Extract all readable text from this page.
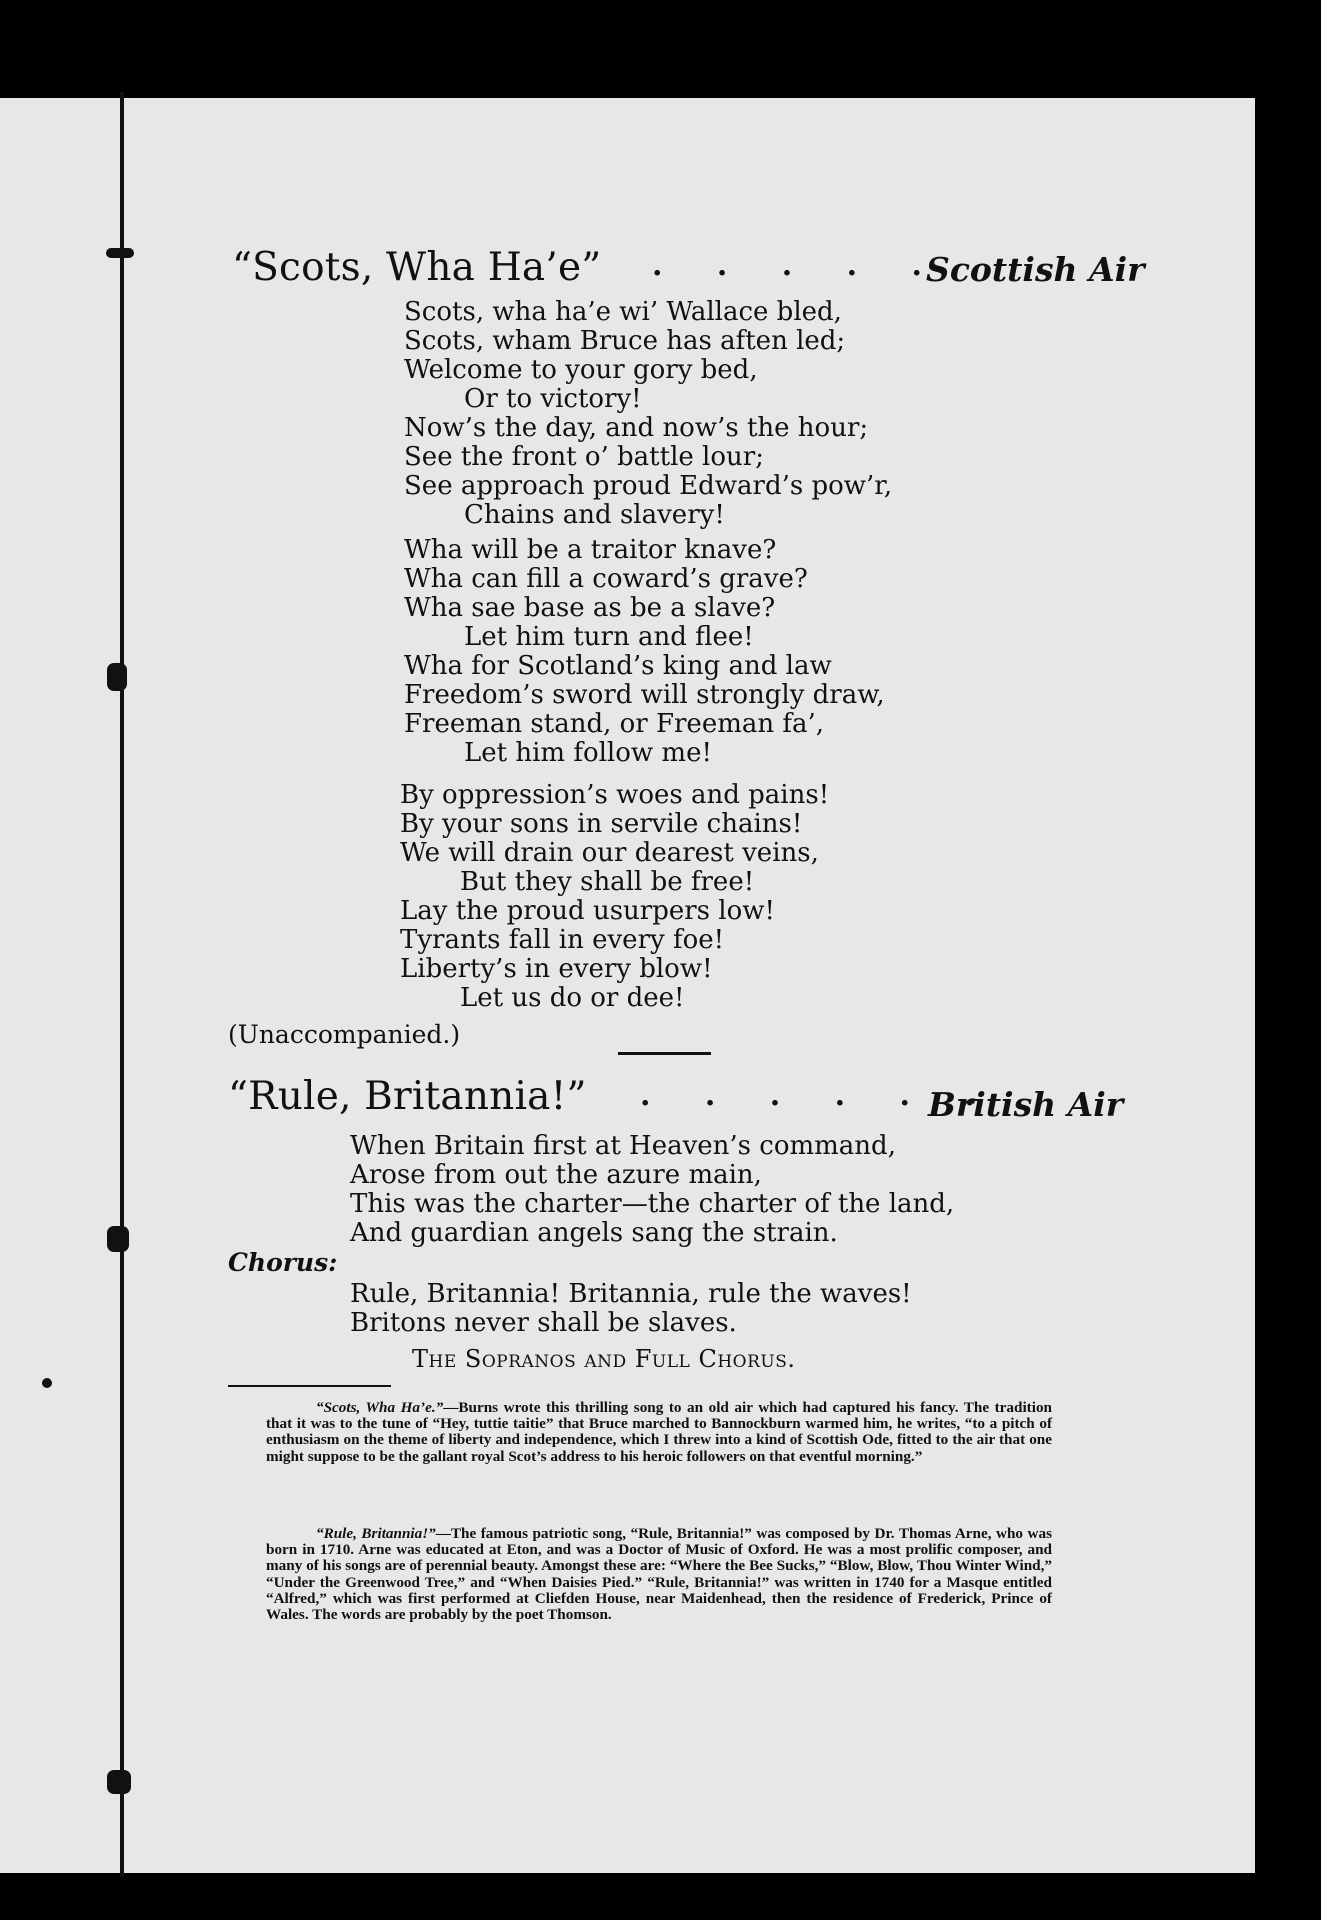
“Scots, Wha Ha’e” . . . . .
Scottish Air
Scots, wha ha’e wi’ Wallace bled,
Scots, wham Bruce has aften led;
Welcome to your gory bed,
Or to victory!
Now’s the day, and now’s the hour;
See the front o’ battle lour;
See approach proud Edward’s pow’r,
Chains and slavery!
Wha will be a traitor knave?
Wha can fill a coward’s grave?
Wha sae base as be a slave?
Let him turn and flee!
Wha for Scotland’s king and law
Freedom’s sword will strongly draw,
Freeman stand, or Freeman fa’,
Let him follow me!
By oppression’s woes and pains!
By your sons in servile chains!
We will drain our dearest veins,
But they shall be free!
Lay the proud usurpers low!
Tyrants fall in every foe!
Liberty’s in every blow!
Let us do or dee!
(Unaccompanied.)
“Rule, Britannia!” . . . . . .
British Air
When Britain first at Heaven’s command,
Arose from out the azure main,
This was the charter—the charter of the land,
And guardian angels sang the strain.
Chorus:
Rule, Britannia! Britannia, rule the waves!
Britons never shall be slaves.
The Sopranos and Full Chorus.

“Scots, Wha Ha’e.”—Burns wrote this thrilling song to an old air which had captured his fancy. The tradition that it was to the tune of “Hey, tuttie taitie” that Bruce marched to Bannockburn warmed him, he writes, “to a pitch of enthusiasm on the theme of liberty and independence, which I threw into a kind of Scottish Ode, fitted to the air that one might suppose to be the gallant royal Scot’s address to his heroic followers on that eventful morning.”

“Rule, Britannia!”—The famous patriotic song, “Rule, Britannia!” was composed by Dr. Thomas Arne, who was born in 1710. Arne was educated at Eton, and was a Doctor of Music of Oxford. He was a most prolific composer, and many of his songs are of perennial beauty. Amongst these are: “Where the Bee Sucks,” “Blow, Blow, Thou Winter Wind,” “Under the Greenwood Tree,” and “When Daisies Pied.” “Rule, Britannia!” was written in 1740 for a Masque entitled “Alfred,” which was first performed at Cliefden House, near Maidenhead, then the residence of Frederick, Prince of Wales. The words are probably by the poet Thomson.
